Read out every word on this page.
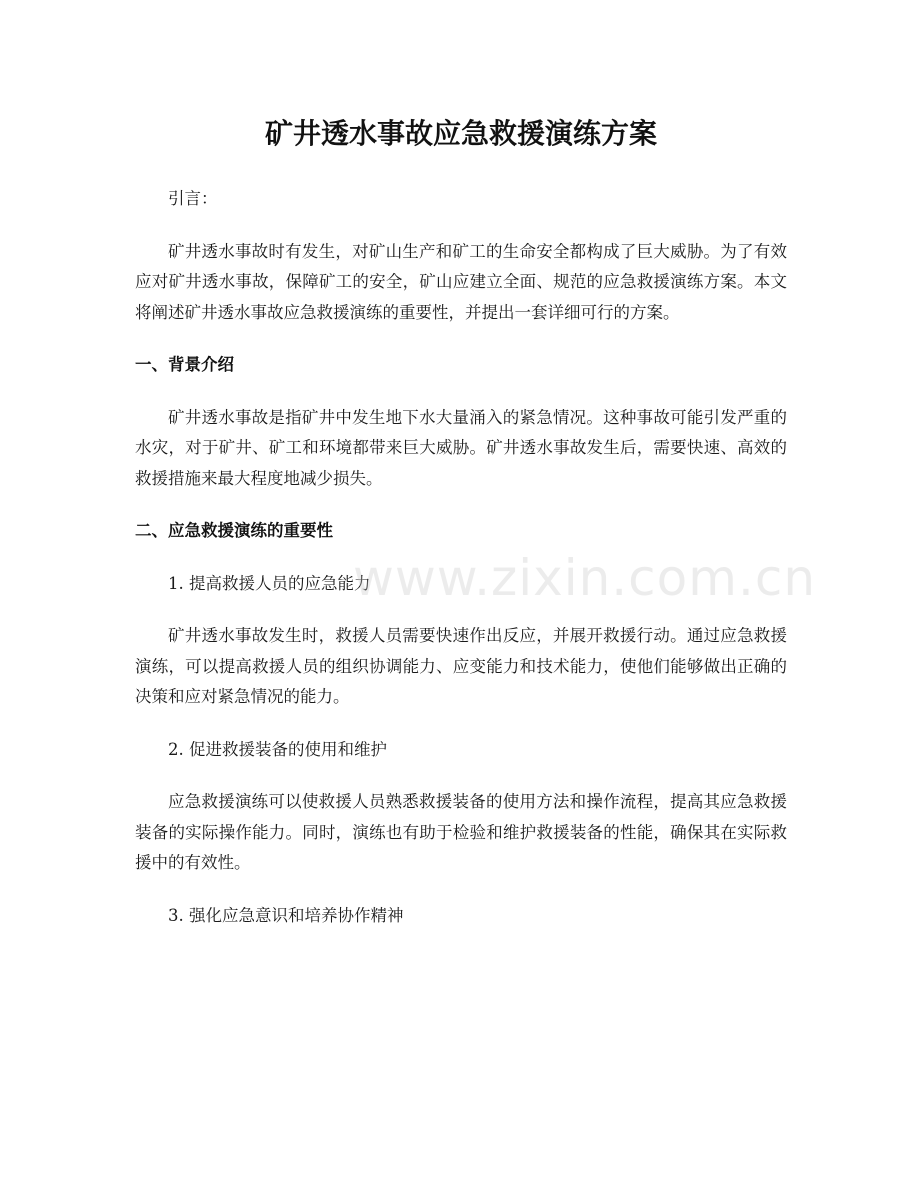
矿井透水事故应急救援演练方案

引言：

矿井透水事故时有发生，对矿山生产和矿工的生命安全都构成了巨大威胁。为了有效应对矿井透水事故，保障矿工的安全，矿山应建立全面、规范的应急救援演练方案。本文将阐述矿井透水事故应急救援演练的重要性，并提出一套详细可行的方案。

一、背景介绍

矿井透水事故是指矿井中发生地下水大量涌入的紧急情况。这种事故可能引发严重的水灾，对于矿井、矿工和环境都带来巨大威胁。矿井透水事故发生后，需要快速、高效的救援措施来最大程度地减少损失。

二、应急救援演练的重要性

1. 提高救援人员的应急能力

矿井透水事故发生时，救援人员需要快速作出反应，并展开救援行动。通过应急救援演练，可以提高救援人员的组织协调能力、应变能力和技术能力，使他们能够做出正确的决策和应对紧急情况的能力。

2. 促进救援装备的使用和维护

应急救援演练可以使救援人员熟悉救援装备的使用方法和操作流程，提高其应急救援装备的实际操作能力。同时，演练也有助于检验和维护救援装备的性能，确保其在实际救援中的有效性。

3. 强化应急意识和培养协作精神

www.zixin.com.cn
